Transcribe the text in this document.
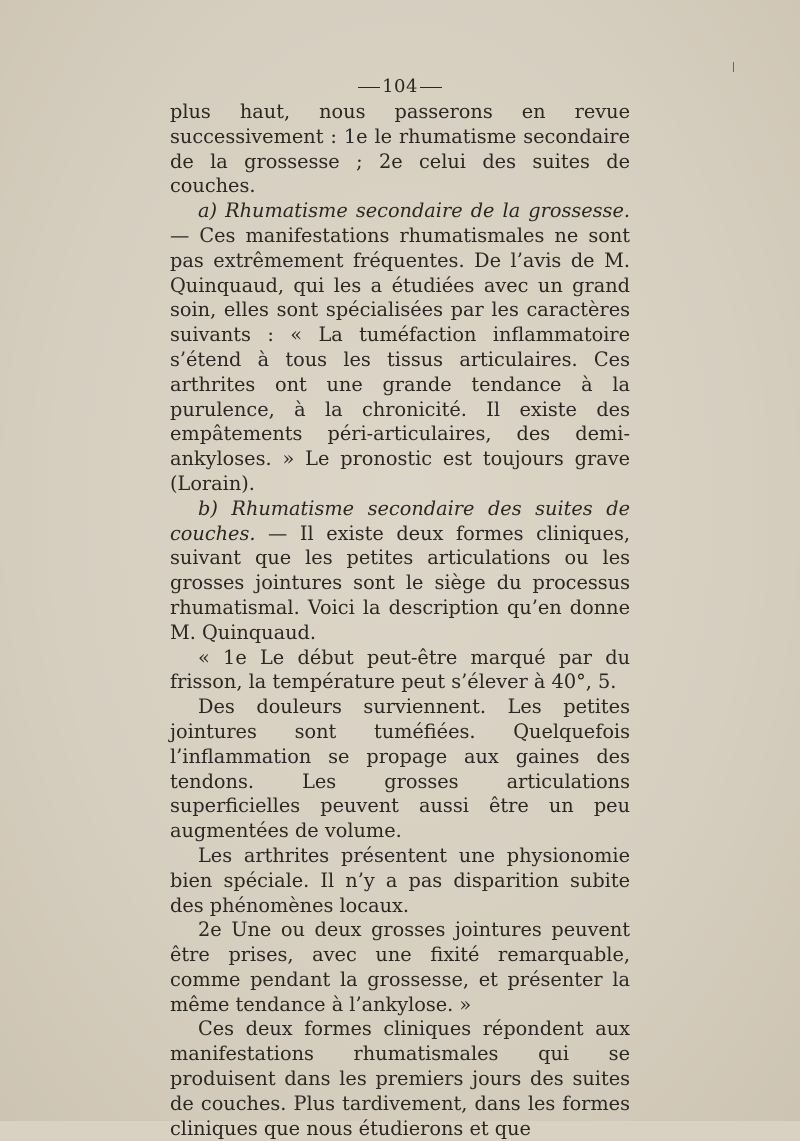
104

plus haut, nous passerons en revue successivement : 1e le rhumatisme secondaire de la grossesse ; 2e celui des suites de couches.

a) Rhumatisme secondaire de la grossesse. — Ces manifestations rhumatismales ne sont pas extrêmement fréquentes. De l’avis de M. Quinquaud, qui les a étudiées avec un grand soin, elles sont spécialisées par les caractères suivants : « La tuméfaction inflammatoire s’étend à tous les tissus articulaires. Ces arthrites ont une grande tendance à la purulence, à la chronicité. Il existe des empâtements péri-articulaires, des demi-ankyloses. » Le pronostic est toujours grave (Lorain).

b) Rhumatisme secondaire des suites de couches. — Il existe deux formes cliniques, suivant que les petites articulations ou les grosses jointures sont le siège du processus rhumatismal. Voici la description qu’en donne M. Quinquaud.

« 1e Le début peut-être marqué par du frisson, la température peut s’élever à 40°, 5.

Des douleurs surviennent. Les petites jointures sont tuméfiées. Quelquefois l’inflammation se propage aux gaines des tendons. Les grosses articulations superficielles peuvent aussi être un peu augmentées de volume.

Les arthrites présentent une physionomie bien spéciale. Il n’y a pas disparition subite des phénomènes locaux.

2e Une ou deux grosses jointures peuvent être prises, avec une fixité remarquable, comme pendant la grossesse, et présenter la même tendance à l’ankylose. »

Ces deux formes cliniques répondent aux manifestations rhumatismales qui se produisent dans les premiers jours des suites de couches. Plus tardivement, dans les formes cliniques que nous étudierons et que
